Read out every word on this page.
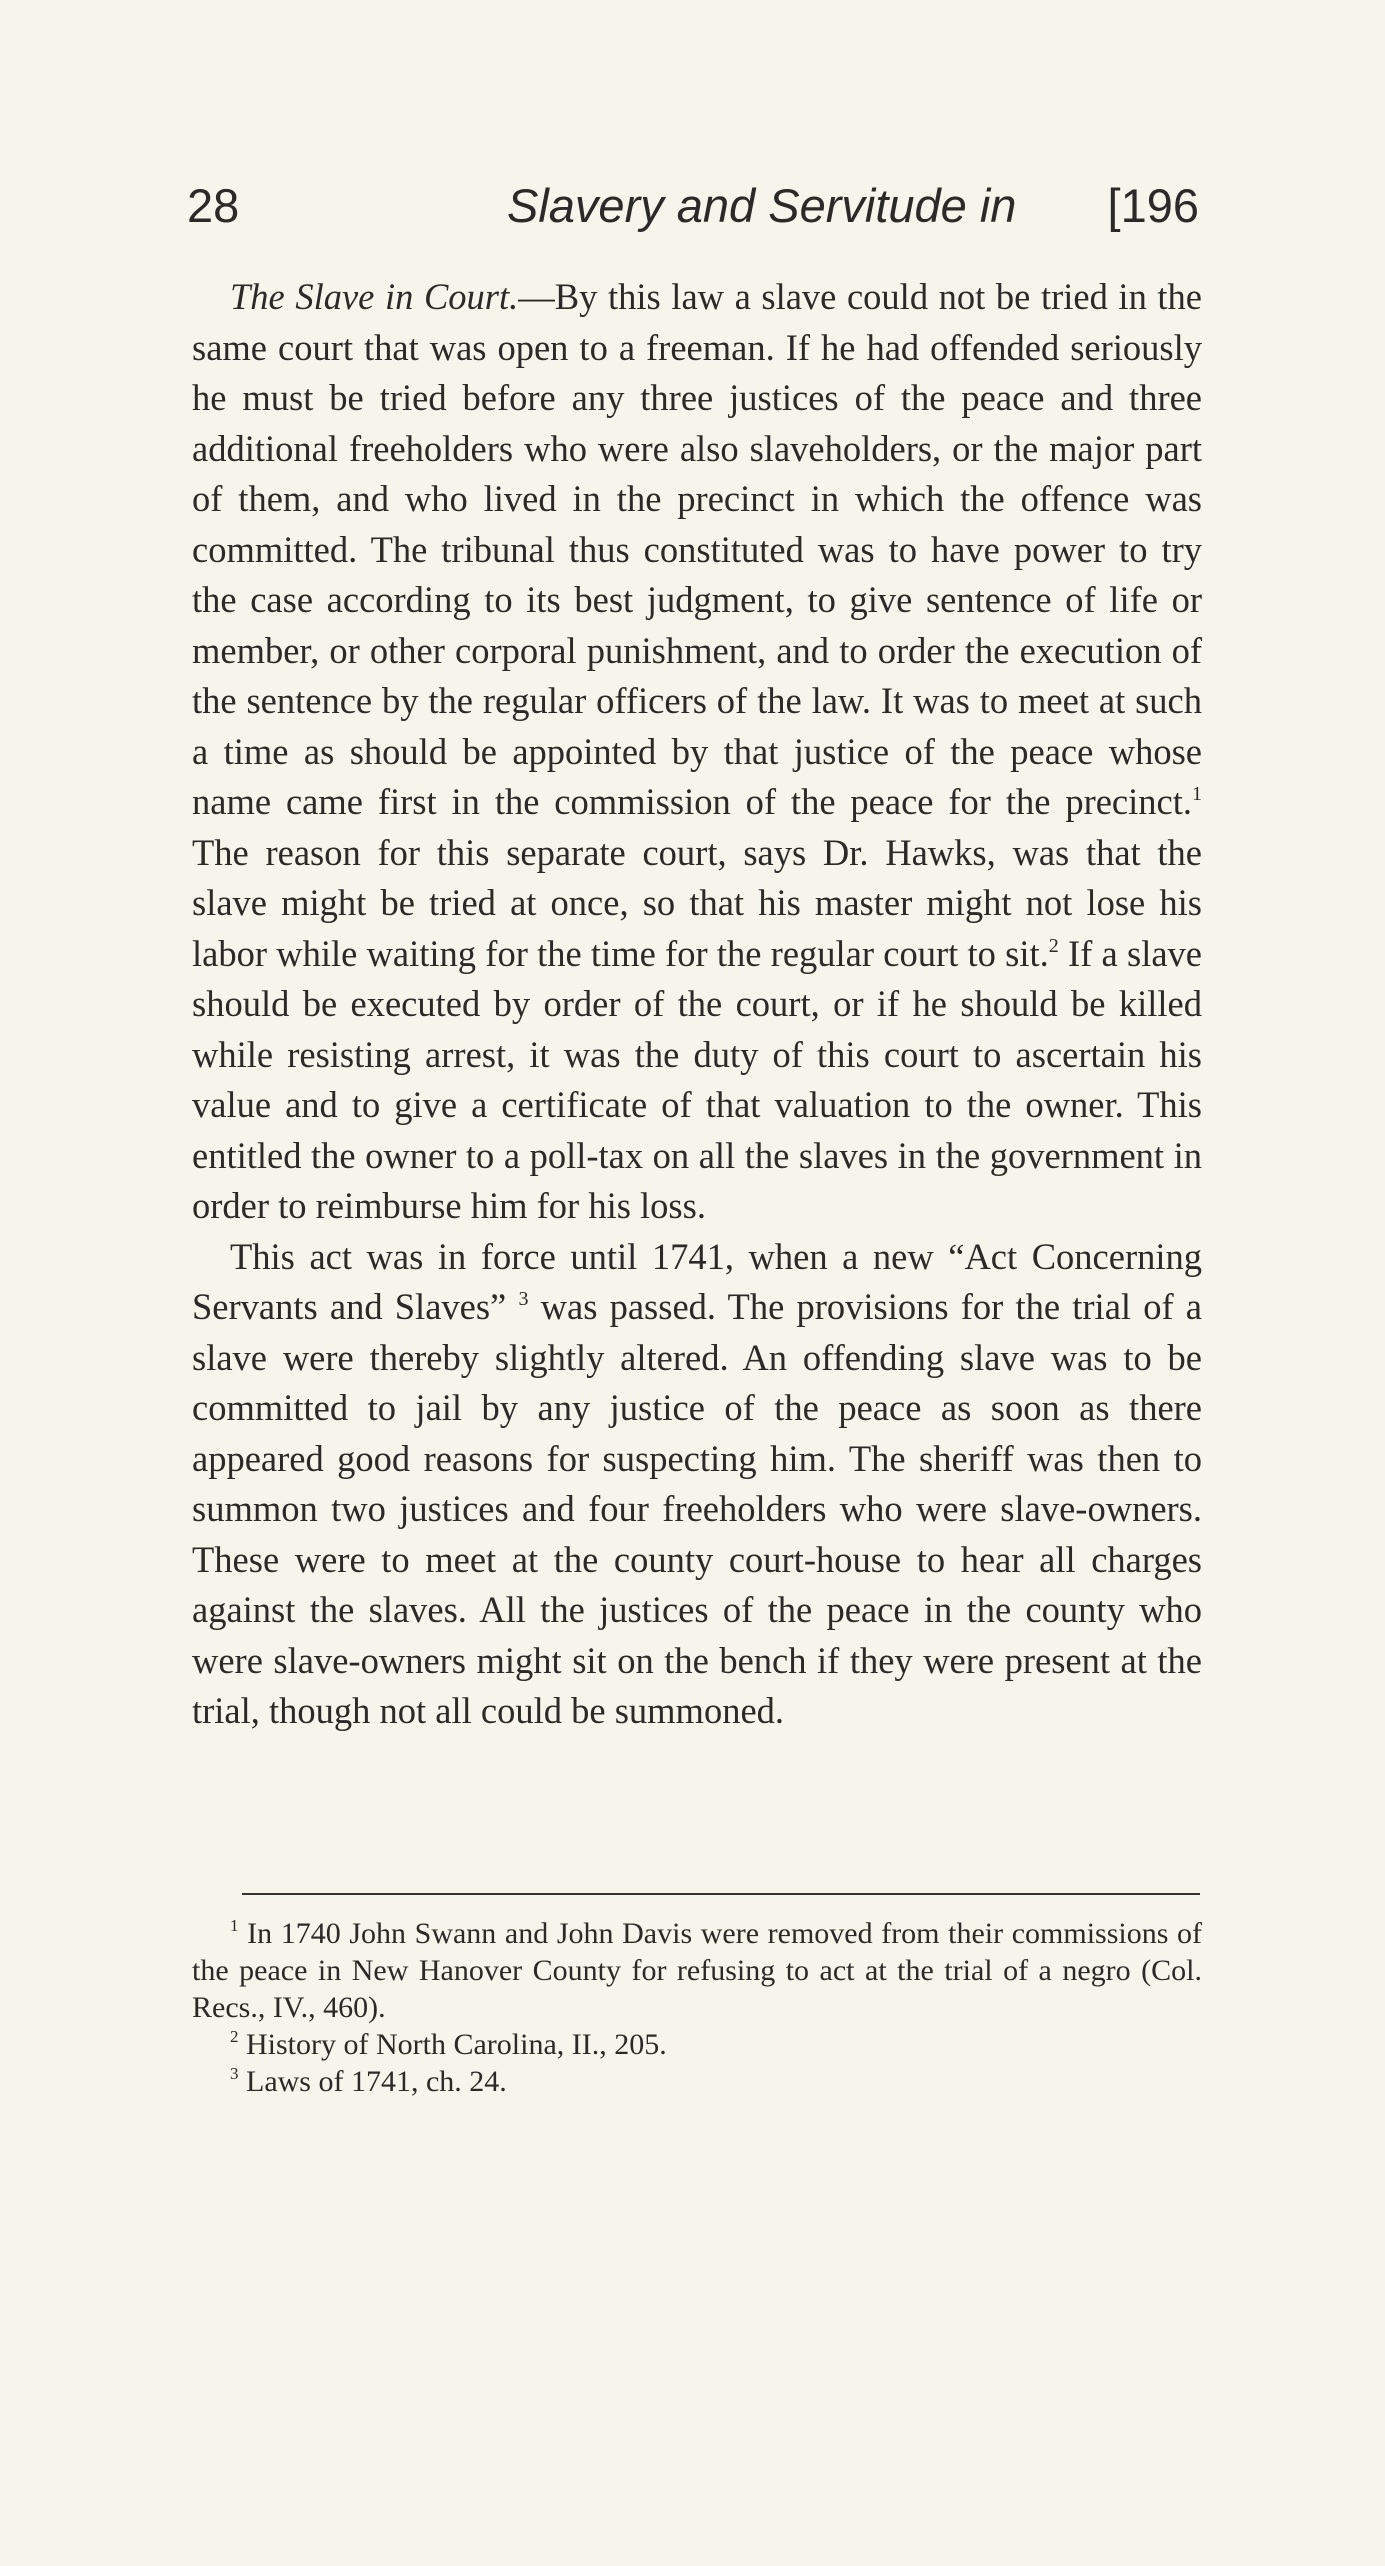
28	Slavery and Servitude in [196

The Slave in Court.—By this law a slave could not be tried in the same court that was open to a freeman. If he had offended seriously he must be tried before any three justices of the peace and three additional freeholders who were also slaveholders, or the major part of them, and who lived in the precinct in which the offence was committed. The tribunal thus constituted was to have power to try the case according to its best judgment, to give sentence of life or member, or other corporal punishment, and to order the execution of the sentence by the regular officers of the law. It was to meet at such a time as should be appointed by that justice of the peace whose name came first in the commission of the peace for the precinct.$^1$ The reason for this separate court, says Dr. Hawks, was that the slave might be tried at once, so that his master might not lose his labor while waiting for the time for the regular court to sit.$^2$ If a slave should be executed by order of the court, or if he should be killed while resisting arrest, it was the duty of this court to ascertain his value and to give a certificate of that valuation to the owner. This entitled the owner to a poll-tax on all the slaves in the government in order to reimburse him for his loss.

This act was in force until 1741, when a new “Act Concerning Servants and Slaves” $^3$ was passed. The provisions for the trial of a slave were thereby slightly altered. An offending slave was to be committed to jail by any justice of the peace as soon as there appeared good reasons for suspecting him. The sheriff was then to summon two justices and four freeholders who were slave-owners. These were to meet at the county court-house to hear all charges against the slaves. All the justices of the peace in the county who were slave-owners might sit on the bench if they were present at the trial, though not all could be summoned.

$^1$ In 1740 John Swann and John Davis were removed from their commissions of the peace in New Hanover County for refusing to act at the trial of a negro (Col. Recs., IV., 460).

$^2$ History of North Carolina, II., 205.

$^3$ Laws of 1741, ch. 24.
